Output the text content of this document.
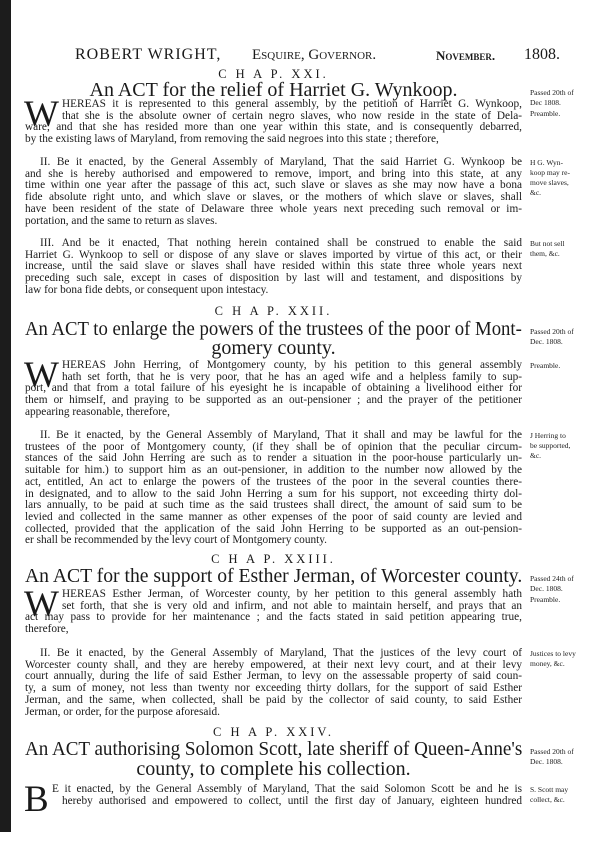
ROBERT WRIGHT, Esquire, Governor.	November. 1808.
C H A P. XXI.
An ACT for the relief of Harriet G. Wynkoop.	Passed 20th of
Dec 1808.
W	Preamble.
HEREAS it is represented to this general assembly, by the petition of Harriet G. Wynkoop,
that she is the absolute owner of certain negro slaves, who now reside in the state of Dela-
ware, and that she has resided more than one year within this state, and is consequently debarred,
by the existing laws of Maryland, from removing the said negroes into this state ; therefore,
H G. Wyn-
koop may re-
move slaves,
&c.
II. Be it enacted, by the General Assembly of Maryland, That the said Harriet G. Wynkoop be
and she is hereby authorised and empowered to remove, import, and bring into this state, at any
time within one year after the passage of this act, such slave or slaves as she may now have a bona
fide absolute right unto, and which slave or slaves, or the mothers of which slave or slaves, shall
have been resident of the state of Delaware three whole years next preceding such removal or im-
portation, and the same to return as slaves.
But not sell
them, &c.
III. And be it enacted, That nothing herein contained shall be construed to enable the said
Harriet G. Wynkoop to sell or dispose of any slave or slaves imported by virtue of this act, or their
increase, until the said slave or slaves shall have resided within this state three whole years next
preceding such sale, except in cases of disposition by last will and testament, and dispositions by
law for bona fide debts, or consequent upon intestacy.
C H A P. XXII.
An ACT to enlarge the powers of the trustees of the poor of Mont-
gomery county.
Passed 20th of
Dec. 1808.
W	Preamble.
HEREAS John Herring, of Montgomery county, by his petition to this general assembly
hath set forth, that he is very poor, that he has an aged wife and a helpless family to sup-
port, and that from a total failure of his eyesight he is incapable of obtaining a livelihood either for
them or himself, and praying to be supported as an out-pensioner ; and the prayer of the petitioner
appearing reasonable, therefore,
J Herring to
be supported,
&c.
II. Be it enacted, by the General Assembly of Maryland, That it shall and may be lawful for the
trustees of the poor of Montgomery county, (if they shall be of opinion that the peculiar circum-
stances of the said John Herring are such as to render a situation in the poor-house particularly un-
suitable for him.) to support him as an out-pensioner, in addition to the number now allowed by the
act, entitled, An act to enlarge the powers of the trustees of the poor in the several counties there-
in designated, and to allow to the said John Herring a sum for his support, not exceeding thirty dol-
lars annually, to be paid at such time as the said trustees shall direct, the amount of said sum to be
levied and collected in the same manner as other expenses of the poor of said county are levied and
collected, provided that the application of the said John Herring to be supported as an out-pension-
er shall be recommended by the levy court of Montgomery county.
C H A P. XXIII.
An ACT for the support of Esther Jerman, of Worcester county. Passed 24th of
Dec. 1808.
W	Preamble.
HEREAS Esther Jerman, of Worcester county, by her petition to this general assembly hath
set forth, that she is very old and infirm, and not able to maintain herself, and prays that an
act may pass to provide for her maintenance ; and the facts stated in said petition appearing true,
therefore,
Justices to levy
money, &c.
II. Be it enacted, by the General Assembly of Maryland, That the justices of the levy court of
Worcester county shall, and they are hereby empowered, at their next levy court, and at their levy
court annually, during the life of said Esther Jerman, to levy on the assessable property of said coun-
ty, a sum of money, not less than twenty nor exceeding thirty dollars, for the support of said Esther
Jerman, and the same, when collected, shall be paid by the collector of said county, to said Esther
Jerman, or order, for the purpose aforesaid.
C H A P. XXIV.
An ACT authorising Solomon Scott, late sheriff of Queen-Anne's
county, to complete his collection.
Passed 20th of
Dec. 1808.
B	S. Scott may
collect, &c.
E it enacted, by the General Assembly of Maryland, That the said Solomon Scott be and he is
hereby authorised and empowered to collect, until the first day of January, eighteen hundred
